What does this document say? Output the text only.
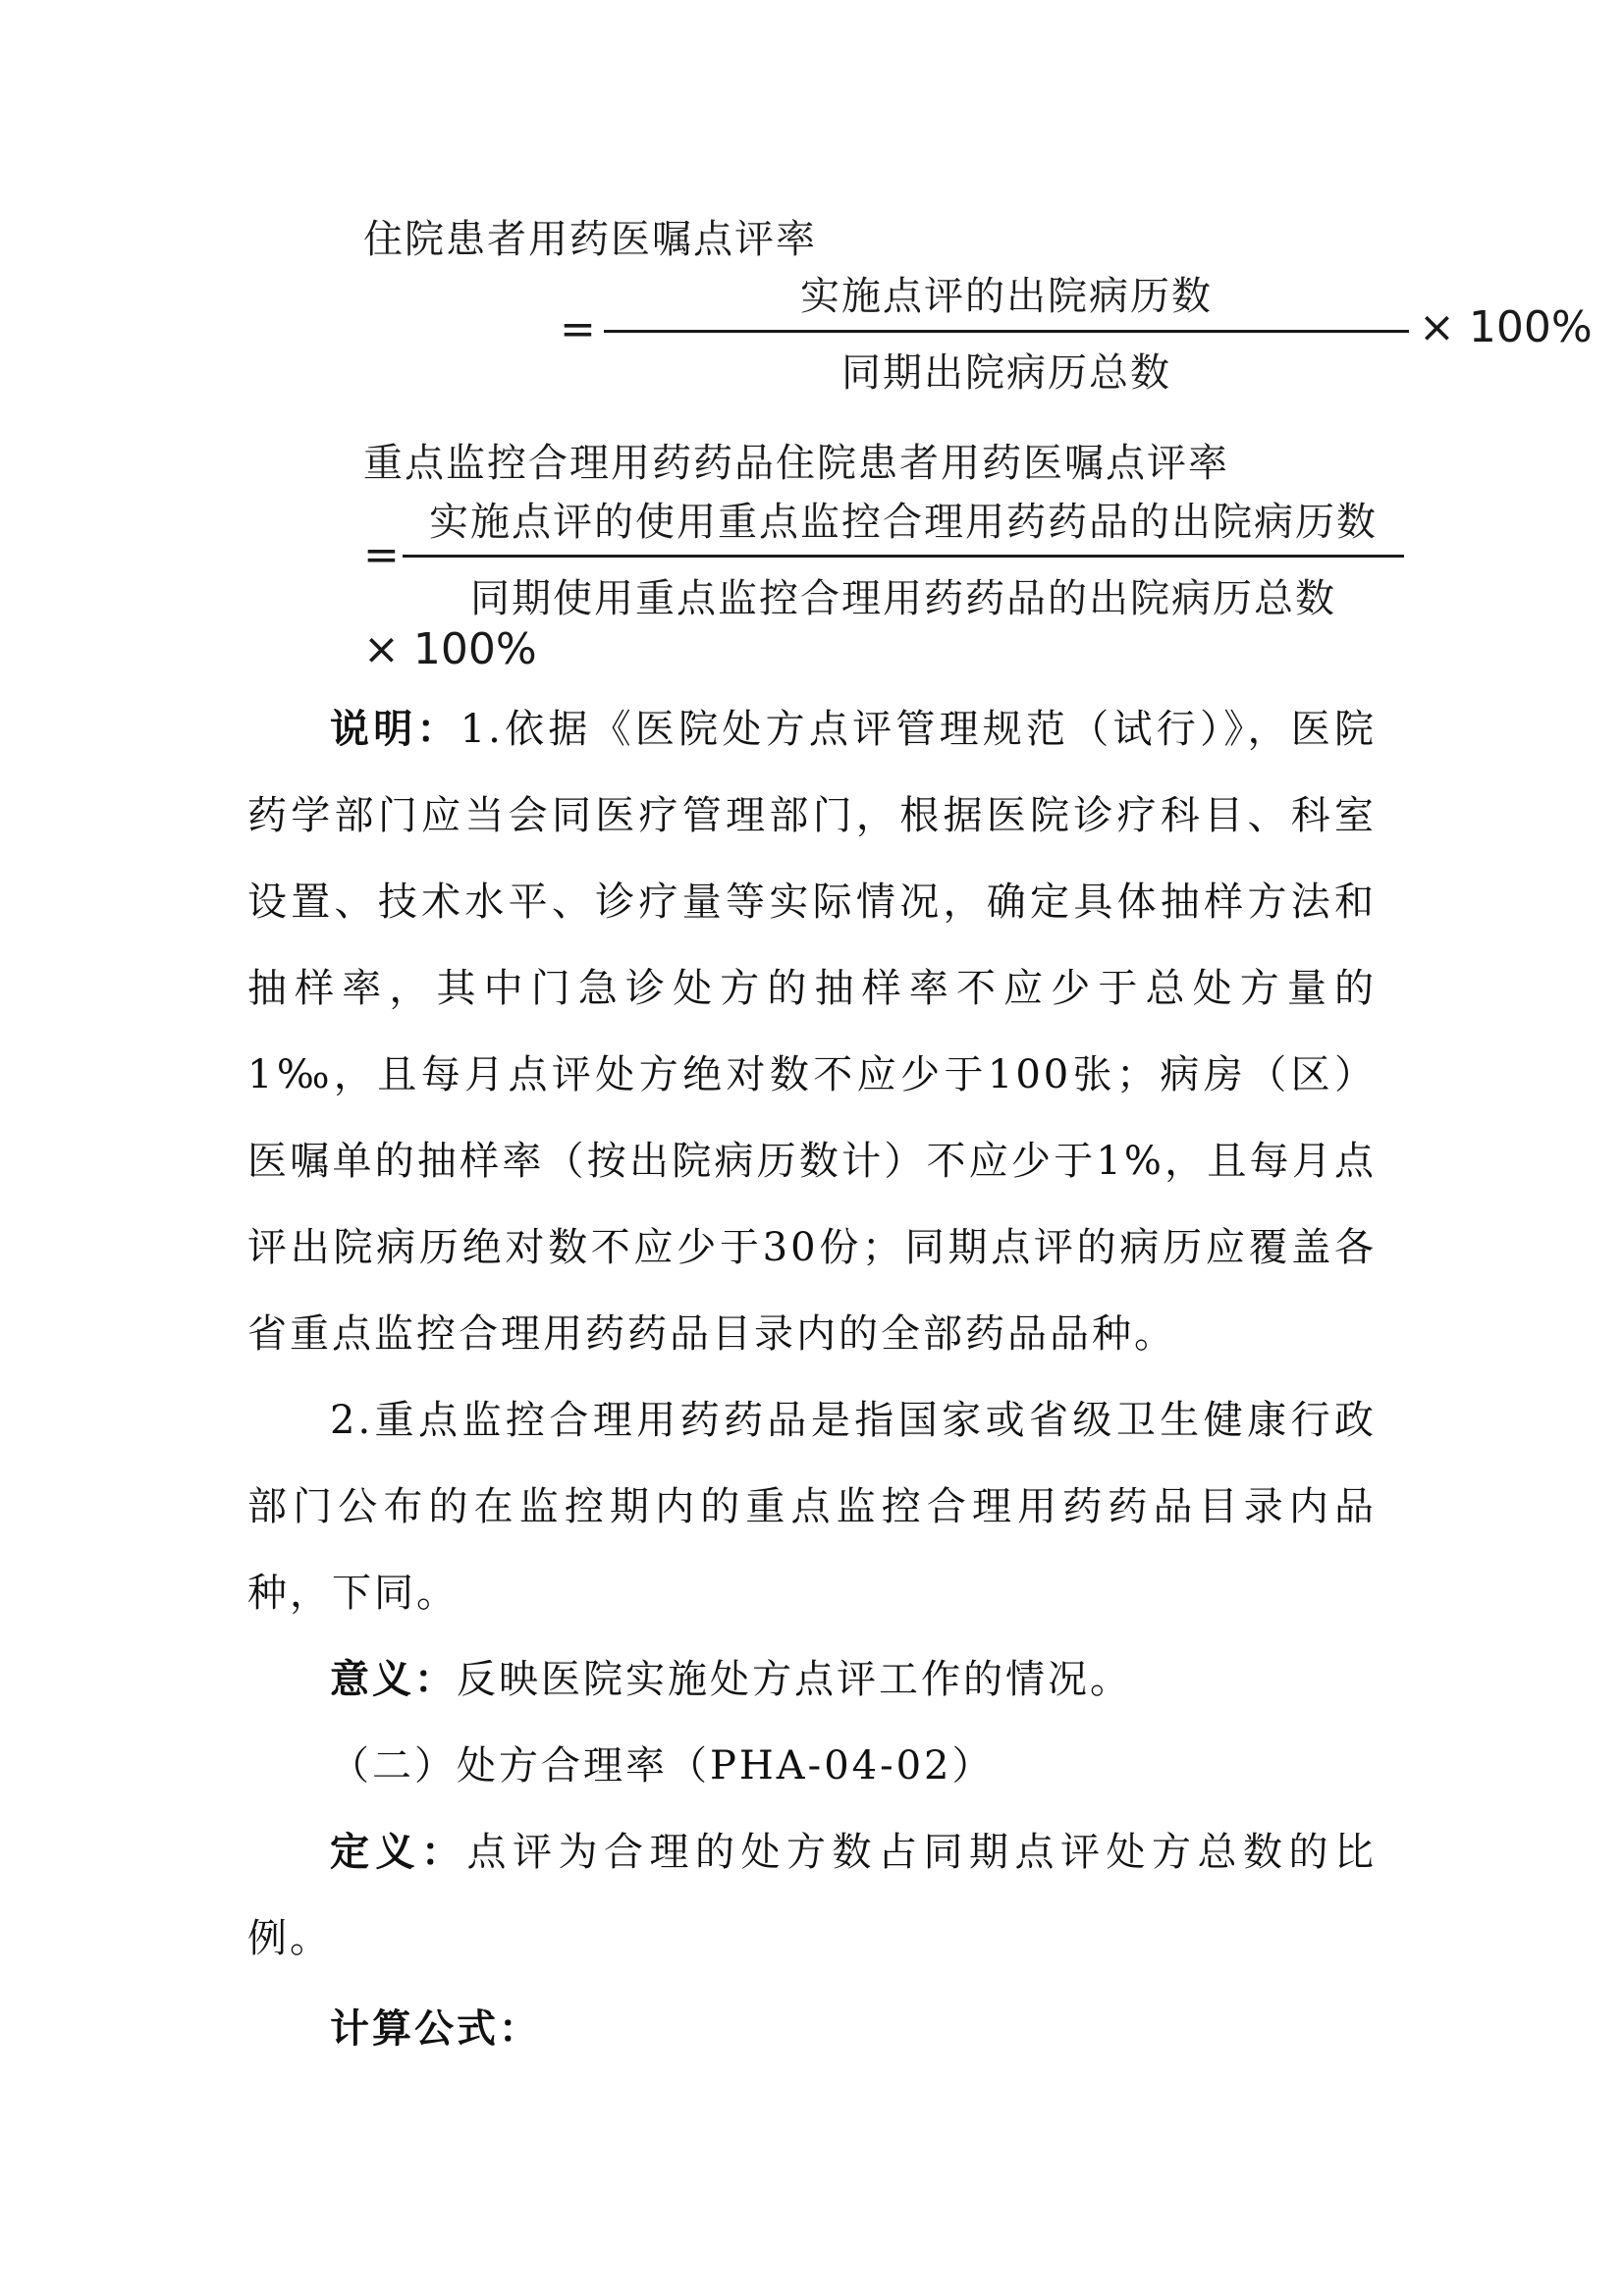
住院患者用药医嘱点评率
=
实施点评的出院病历数
同期出院病历总数
× 100%
重点监控合理用药药品住院患者用药医嘱点评率
=
实施点评的使用重点监控合理用药药品的出院病历数
同期使用重点监控合理用药药品的出院病历总数
× 100%
说明：1.依据《医院处方点评管理规范（试行）》，医院药学部门应当会同医疗管理部门，根据医院诊疗科目、科室设置、技术水平、诊疗量等实际情况，确定具体抽样方法和抽样率，其中门急诊处方的抽样率不应少于总处方量的1‰，且每月点评处方绝对数不应少于100张；病房（区）医嘱单的抽样率（按出院病历数计）不应少于1%，且每月点评出院病历绝对数不应少于30份；同期点评的病历应覆盖各省重点监控合理用药药品目录内的全部药品品种。
2.重点监控合理用药药品是指国家或省级卫生健康行政部门公布的在监控期内的重点监控合理用药药品目录内品种，下同。
意义：反映医院实施处方点评工作的情况。
（二）处方合理率（PHA-04-02）
定义：点评为合理的处方数占同期点评处方总数的比例。
计算公式：
